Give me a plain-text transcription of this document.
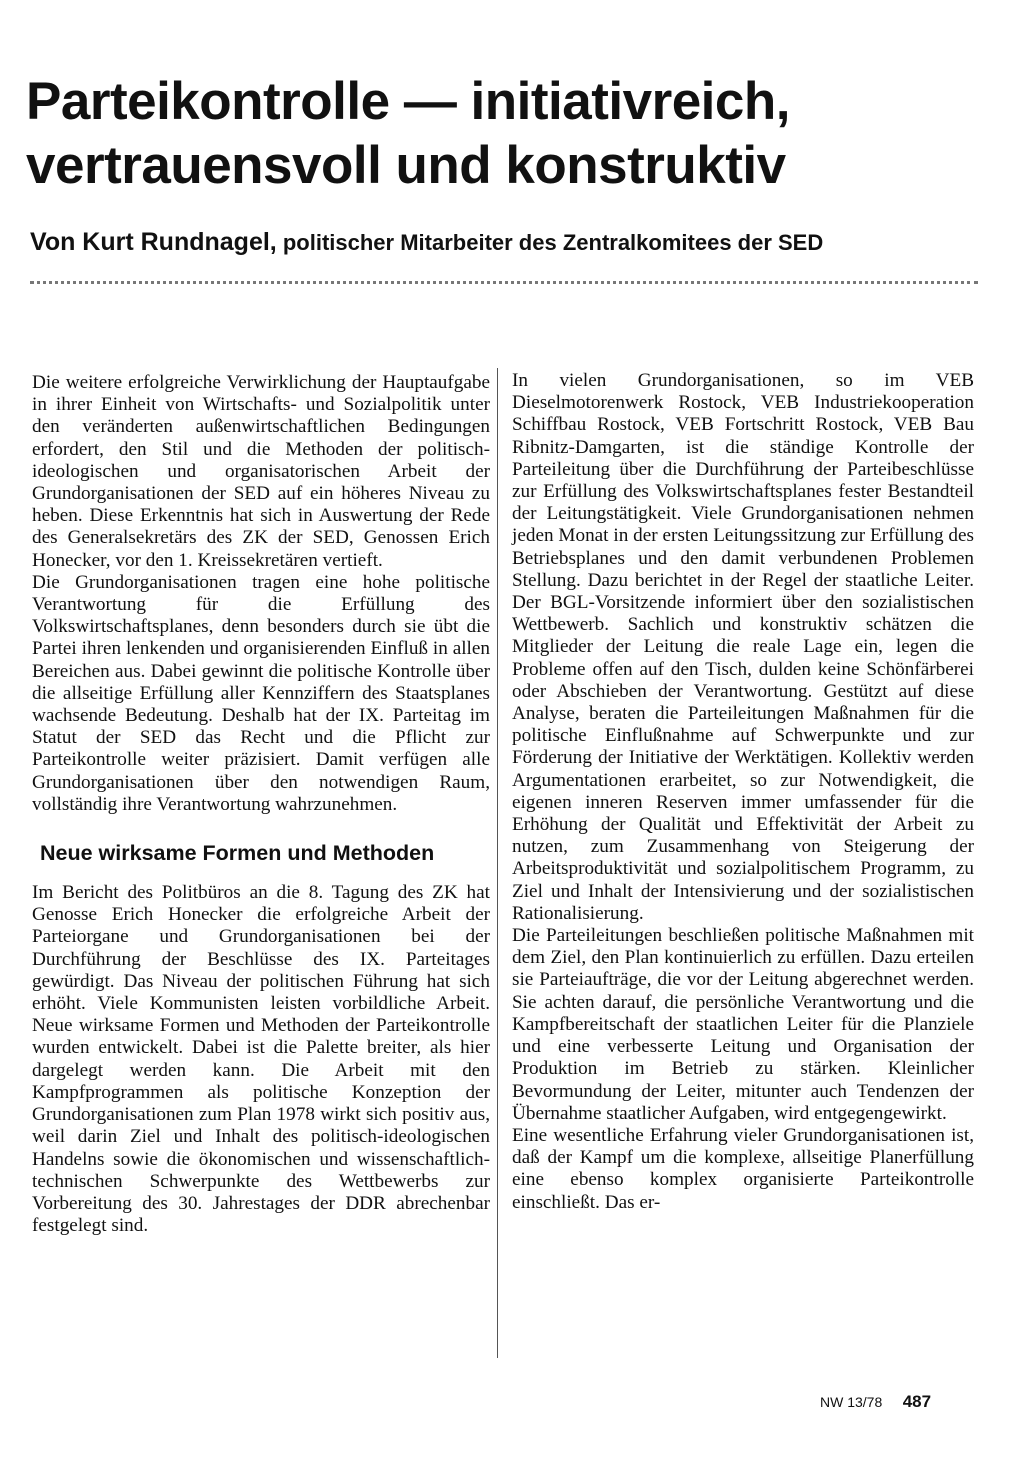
Parteikontrolle — initiativreich,
vertrauensvoll und konstruktiv
Von Kurt Rundnagel, politischer Mitarbeiter des Zentralkomitees der SED

Die weitere erfolgreiche Verwirklichung der Hauptaufgabe in ihrer Einheit von Wirtschafts- und Sozialpolitik unter den veränderten außenwirtschaftlichen Bedingungen erfordert, den Stil und die Methoden der politisch-ideologischen und organisatorischen Arbeit der Grundorganisationen der SED auf ein höheres Niveau zu heben. Diese Erkenntnis hat sich in Auswertung der Rede des Generalsekretärs des ZK der SED, Genossen Erich Honecker, vor den 1. Kreissekretären vertieft.

Die Grundorganisationen tragen eine hohe politische Verantwortung für die Erfüllung des Volkswirtschaftsplanes, denn besonders durch sie übt die Partei ihren lenkenden und organisierenden Einfluß in allen Bereichen aus. Dabei gewinnt die politische Kontrolle über die allseitige Erfüllung aller Kennziffern des Staatsplanes wachsende Bedeutung. Deshalb hat der IX. Parteitag im Statut der SED das Recht und die Pflicht zur Parteikontrolle weiter präzisiert. Damit verfügen alle Grundorganisationen über den notwendigen Raum, vollständig ihre Verantwortung wahrzunehmen.

Neue wirksame Formen und Methoden

Im Bericht des Politbüros an die 8. Tagung des ZK hat Genosse Erich Honecker die erfolgreiche Arbeit der Parteiorgane und Grundorganisationen bei der Durchführung der Beschlüsse des IX. Parteitages gewürdigt. Das Niveau der politischen Führung hat sich erhöht. Viele Kommunisten leisten vorbildliche Arbeit. Neue wirksame Formen und Methoden der Parteikontrolle wurden entwickelt. Dabei ist die Palette breiter, als hier dargelegt werden kann. Die Arbeit mit den Kampfprogrammen als politische Konzeption der Grundorganisationen zum Plan 1978 wirkt sich positiv aus, weil darin Ziel und Inhalt des politisch-ideologischen Handelns sowie die ökonomischen und wissenschaftlich-technischen Schwerpunkte des Wettbewerbs zur Vorbereitung des 30. Jahrestages der DDR abrechenbar festgelegt sind.

In vielen Grundorganisationen, so im VEB Dieselmotorenwerk Rostock, VEB Industriekooperation Schiffbau Rostock, VEB Fortschritt Rostock, VEB Bau Ribnitz-Damgarten, ist die ständige Kontrolle der Parteileitung über die Durchführung der Parteibeschlüsse zur Erfüllung des Volkswirtschaftsplanes fester Bestandteil der Leitungstätigkeit. Viele Grundorganisationen nehmen jeden Monat in der ersten Leitungssitzung zur Erfüllung des Betriebsplanes und den damit verbundenen Problemen Stellung. Dazu berichtet in der Regel der staatliche Leiter. Der BGL-Vorsitzende informiert über den sozialistischen Wettbewerb. Sachlich und konstruktiv schätzen die Mitglieder der Leitung die reale Lage ein, legen die Probleme offen auf den Tisch, dulden keine Schönfärberei oder Abschieben der Verantwortung. Gestützt auf diese Analyse, beraten die Parteileitungen Maßnahmen für die politische Einflußnahme auf Schwerpunkte und zur Förderung der Initiative der Werktätigen. Kollektiv werden Argumentationen erarbeitet, so zur Notwendigkeit, die eigenen inneren Reserven immer umfassender für die Erhöhung der Qualität und Effektivität der Arbeit zu nutzen, zum Zusammenhang von Steigerung der Arbeitsproduktivität und sozialpolitischem Programm, zu Ziel und Inhalt der Intensivierung und der sozialistischen Rationalisierung.

Die Parteileitungen beschließen politische Maßnahmen mit dem Ziel, den Plan kontinuierlich zu erfüllen. Dazu erteilen sie Parteiaufträge, die vor der Leitung abgerechnet werden. Sie achten darauf, die persönliche Verantwortung und die Kampfbereitschaft der staatlichen Leiter für die Planziele und eine verbesserte Leitung und Organisation der Produktion im Betrieb zu stärken. Kleinlicher Bevormundung der Leiter, mitunter auch Tendenzen der Übernahme staatlicher Aufgaben, wird entgegengewirkt.

Eine wesentliche Erfahrung vieler Grundorganisationen ist, daß der Kampf um die komplexe, allseitige Planerfüllung eine ebenso komplex organisierte Parteikontrolle einschließt. Das er-

NW 13/78 487
